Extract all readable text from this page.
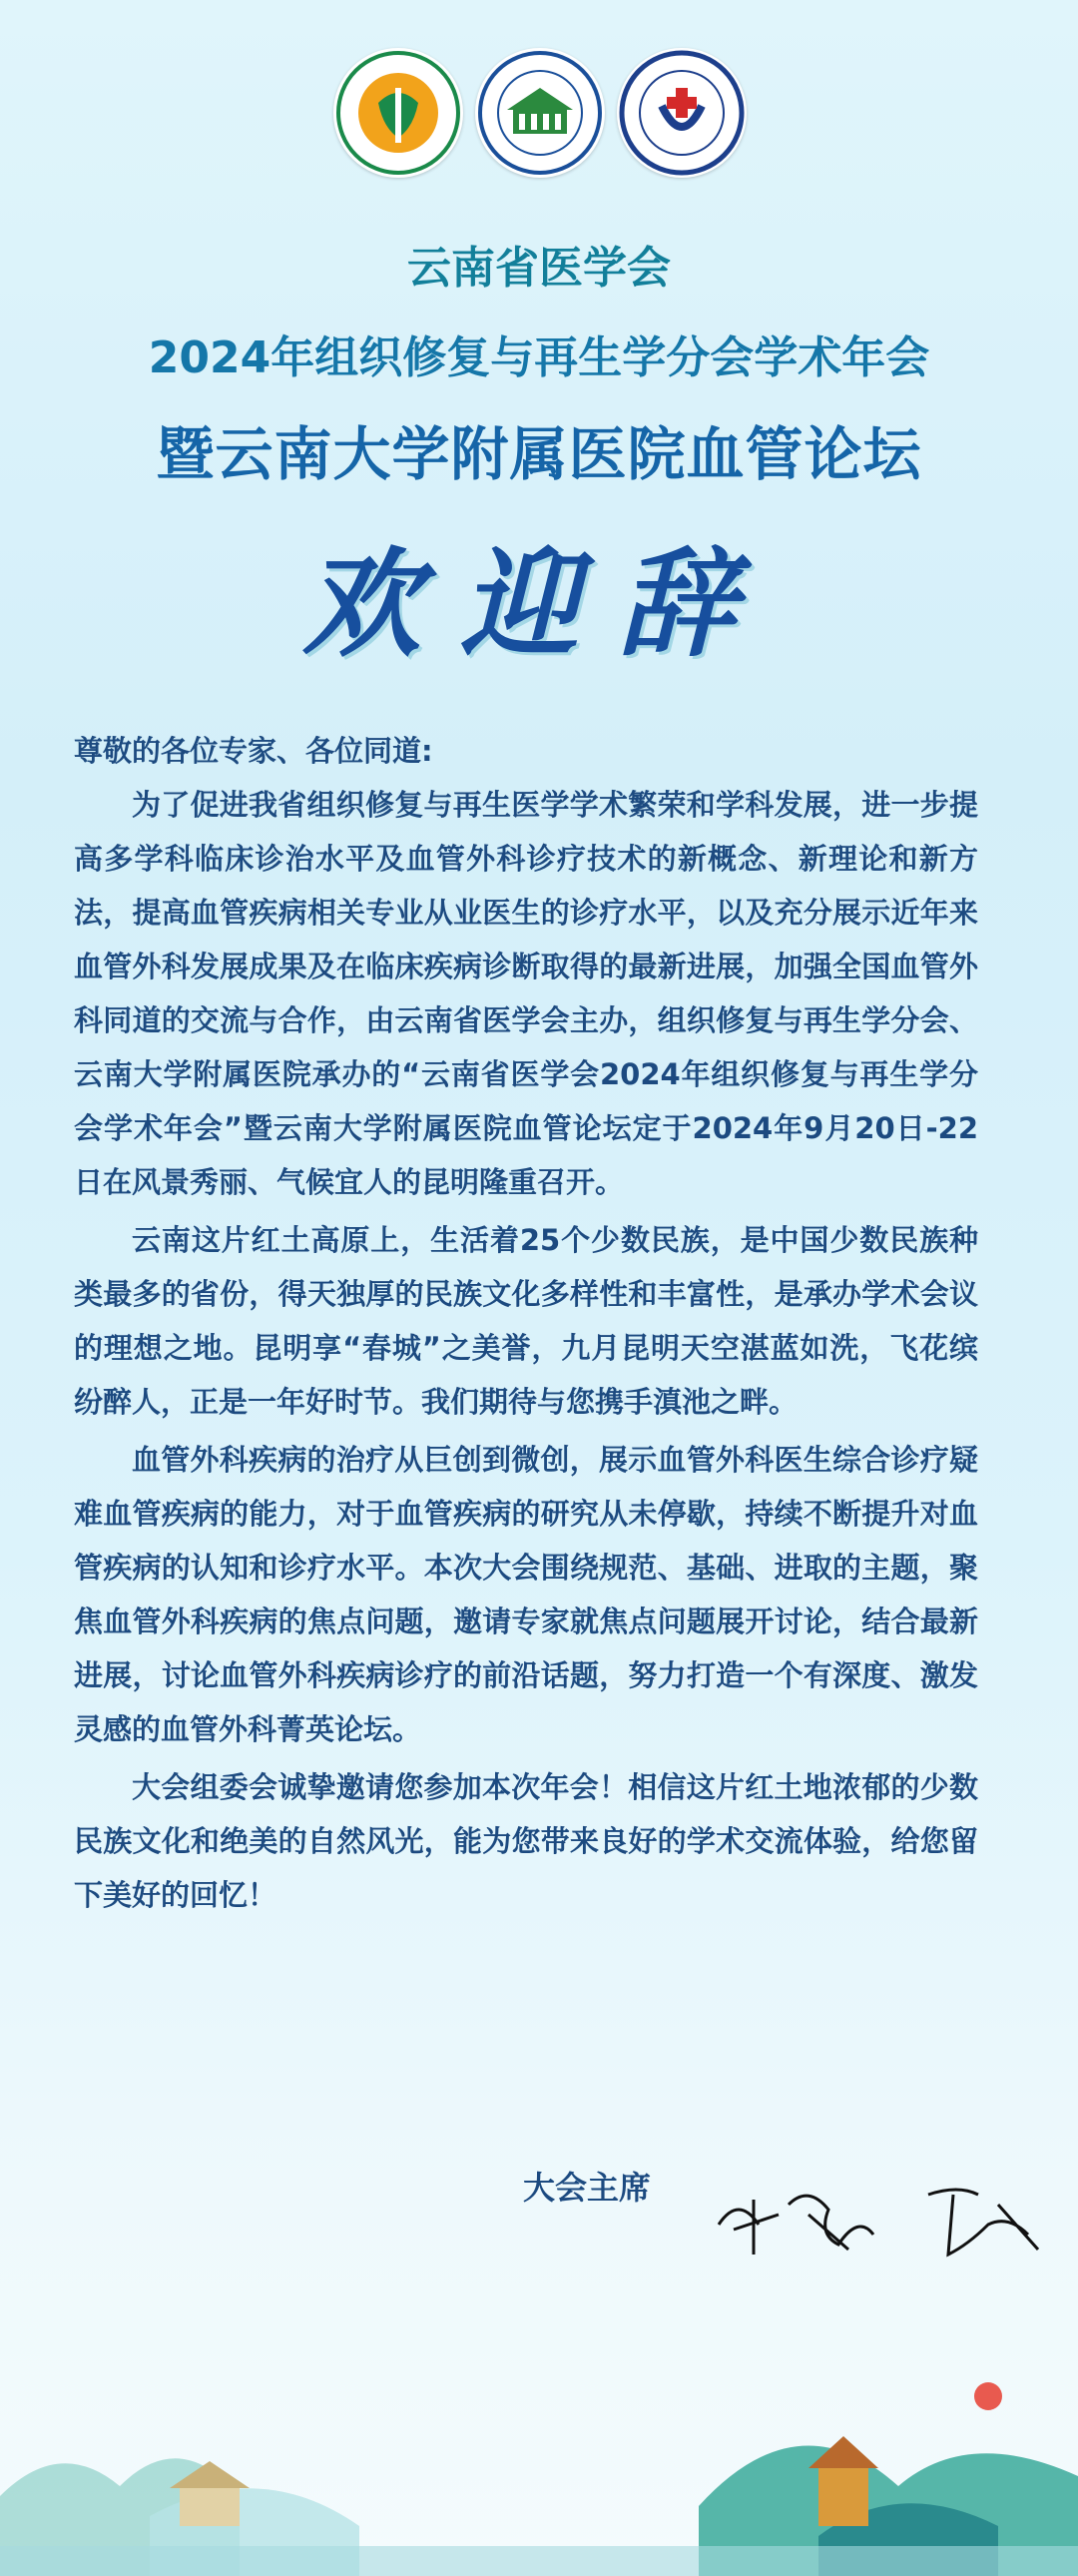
云南省医学会
2024年组织修复与再生学分会学术年会
暨云南大学附属医院血管论坛
欢迎辞

尊敬的各位专家、各位同道:

为了促进我省组织修复与再生医学学术繁荣和学科发展，进一步提高多学科临床诊治水平及血管外科诊疗技术的新概念、新理论和新方法，提高血管疾病相关专业从业医生的诊疗水平，以及充分展示近年来血管外科发展成果及在临床疾病诊断取得的最新进展，加强全国血管外科同道的交流与合作，由云南省医学会主办，组织修复与再生学分会、云南大学附属医院承办的“云南省医学会2024年组织修复与再生学分会学术年会”暨云南大学附属医院血管论坛定于2024年9月20日-22日在风景秀丽、气候宜人的昆明隆重召开。

云南这片红土高原上，生活着25个少数民族，是中国少数民族种类最多的省份，得天独厚的民族文化多样性和丰富性，是承办学术会议的理想之地。昆明享“春城”之美誉，九月昆明天空湛蓝如洗，飞花缤纷醉人，正是一年好时节。我们期待与您携手滇池之畔。

血管外科疾病的治疗从巨创到微创，展示血管外科医生综合诊疗疑难血管疾病的能力，对于血管疾病的研究从未停歇，持续不断提升对血管疾病的认知和诊疗水平。本次大会围绕规范、基础、进取的主题，聚焦血管外科疾病的焦点问题，邀请专家就焦点问题展开讨论，结合最新进展，讨论血管外科疾病诊疗的前沿话题，努力打造一个有深度、激发灵感的血管外科菁英论坛。

大会组委会诚挚邀请您参加本次年会！相信这片红土地浓郁的少数民族文化和绝美的自然风光，能为您带来良好的学术交流体验，给您留下美好的回忆！

大会主席
